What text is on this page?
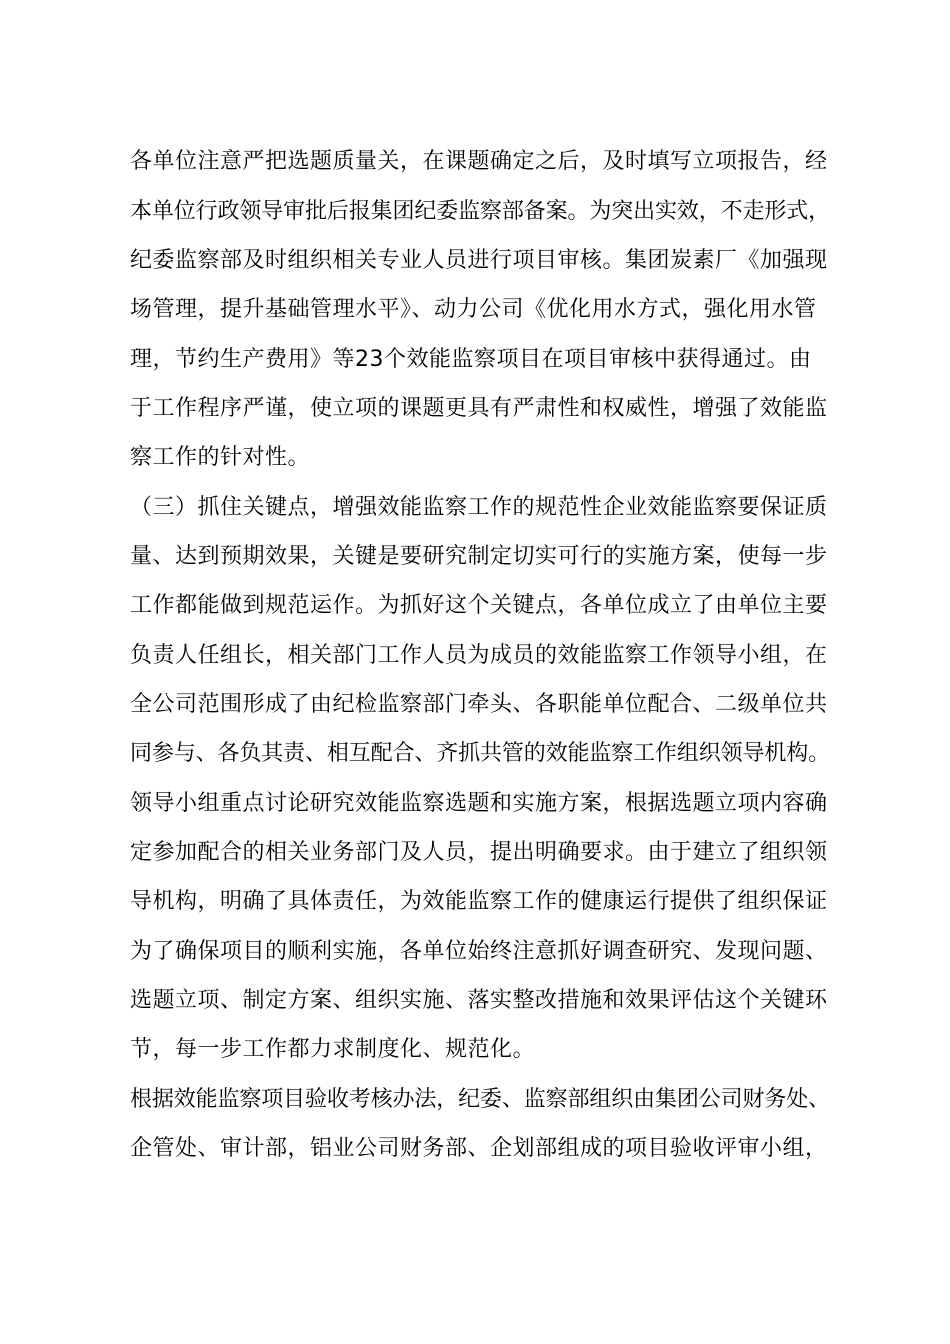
各单位注意严把选题质量关，在课题确定之后，及时填写立项报告，经
本单位行政领导审批后报集团纪委监察部备案。为突出实效，不走形式，
纪委监察部及时组织相关专业人员进行项目审核。集团炭素厂《加强现
场管理，提升基础管理水平》、动力公司《优化用水方式，强化用水管
理，节约生产费用》等23个效能监察项目在项目审核中获得通过。由
于工作程序严谨，使立项的课题更具有严肃性和权威性，增强了效能监
察工作的针对性。
（三）抓住关键点，增强效能监察工作的规范性企业效能监察要保证质
量、达到预期效果，关键是要研究制定切实可行的实施方案，使每一步
工作都能做到规范运作。为抓好这个关键点，各单位成立了由单位主要
负责人任组长，相关部门工作人员为成员的效能监察工作领导小组，在
全公司范围形成了由纪检监察部门牵头、各职能单位配合、二级单位共
同参与、各负其责、相互配合、齐抓共管的效能监察工作组织领导机构。
领导小组重点讨论研究效能监察选题和实施方案，根据选题立项内容确
定参加配合的相关业务部门及人员，提出明确要求。由于建立了组织领
导机构，明确了具体责任，为效能监察工作的健康运行提供了组织保证
为了确保项目的顺利实施，各单位始终注意抓好调查研究、发现问题、
选题立项、制定方案、组织实施、落实整改措施和效果评估这个关键环
节，每一步工作都力求制度化、规范化。
根据效能监察项目验收考核办法，纪委、监察部组织由集团公司财务处、
企管处、审计部，铝业公司财务部、企划部组成的项目验收评审小组，
